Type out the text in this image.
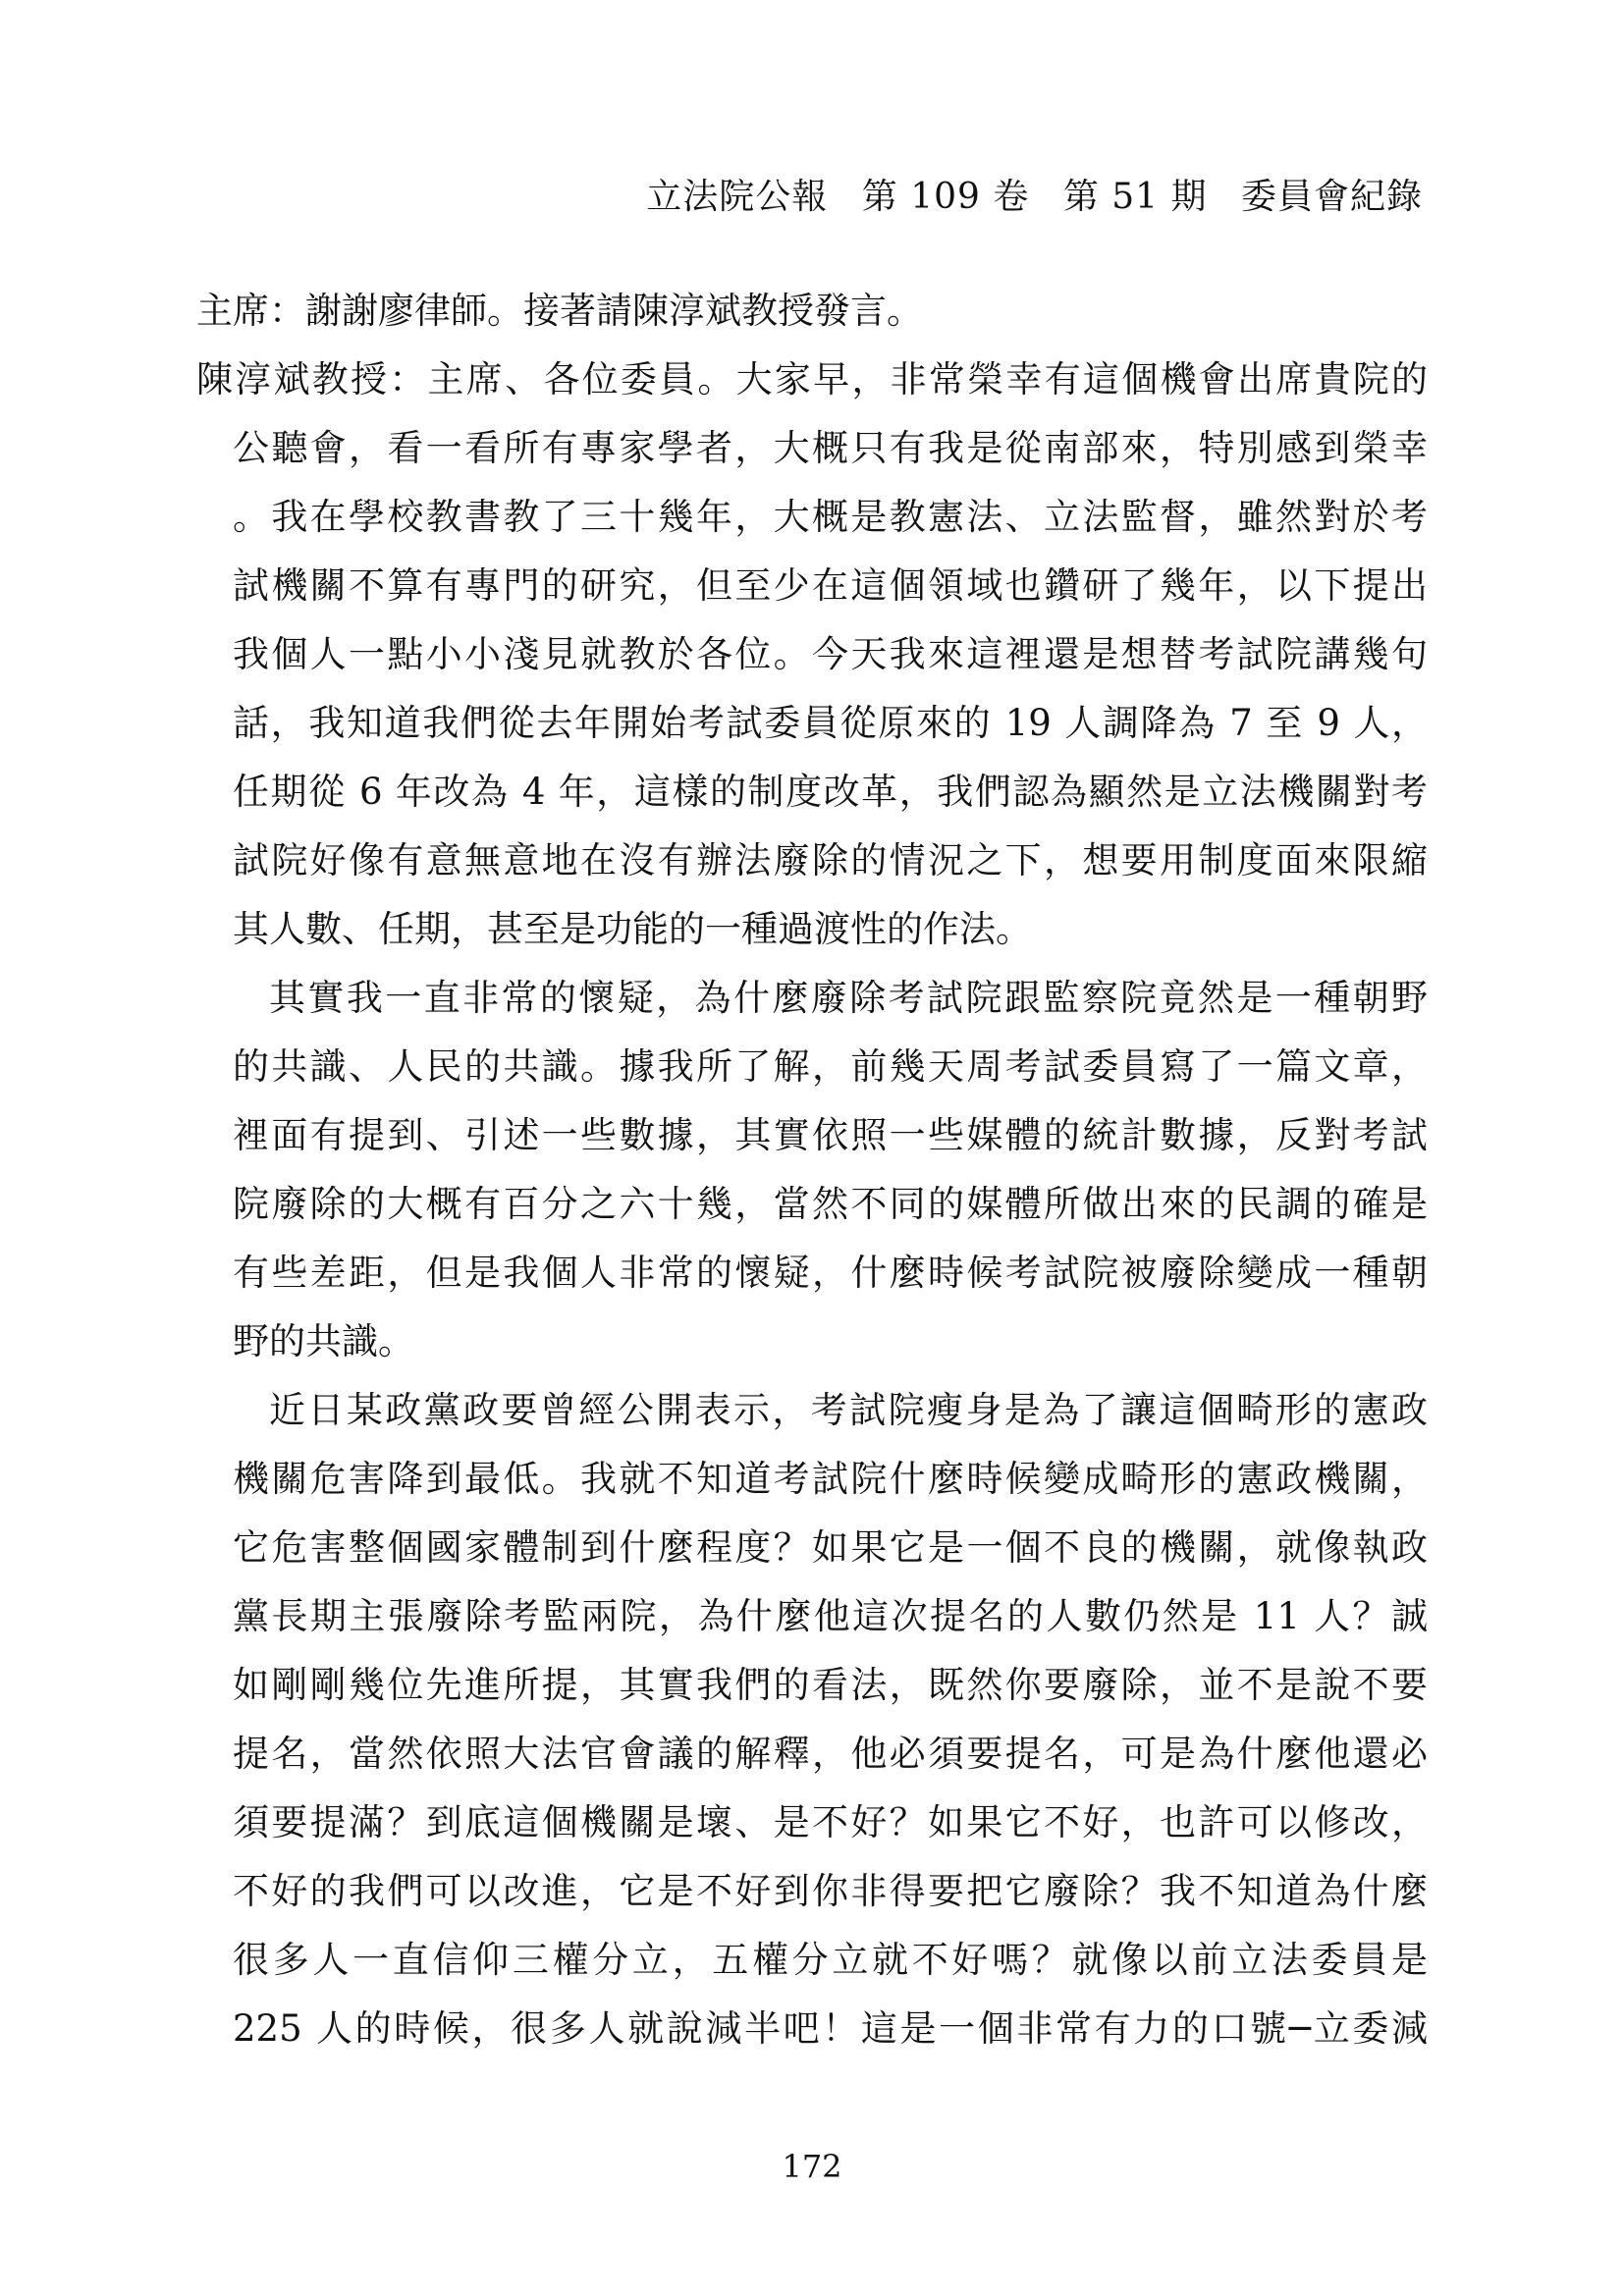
立法院公報 第 109 卷 第 51 期 委員會紀錄
主席：謝謝廖律師。接著請陳淳斌教授發言。
陳淳斌教授：主席、各位委員。大家早，非常榮幸有這個機會出席貴院的
公聽會，看一看所有專家學者，大概只有我是從南部來，特別感到榮幸
。我在學校教書教了三十幾年，大概是教憲法、立法監督，雖然對於考
試機關不算有專門的研究，但至少在這個領域也鑽研了幾年，以下提出
我個人一點小小淺見就教於各位。今天我來這裡還是想替考試院講幾句
話，我知道我們從去年開始考試委員從原來的 19 人調降為 7 至 9 人，
任期從 6 年改為 4 年，這樣的制度改革，我們認為顯然是立法機關對考
試院好像有意無意地在沒有辦法廢除的情況之下，想要用制度面來限縮
其人數、任期，甚至是功能的一種過渡性的作法。
其實我一直非常的懷疑，為什麼廢除考試院跟監察院竟然是一種朝野
的共識、人民的共識。據我所了解，前幾天周考試委員寫了一篇文章，
裡面有提到、引述一些數據，其實依照一些媒體的統計數據，反對考試
院廢除的大概有百分之六十幾，當然不同的媒體所做出來的民調的確是
有些差距，但是我個人非常的懷疑，什麼時候考試院被廢除變成一種朝
野的共識。
近日某政黨政要曾經公開表示，考試院瘦身是為了讓這個畸形的憲政
機關危害降到最低。我就不知道考試院什麼時候變成畸形的憲政機關，
它危害整個國家體制到什麼程度？如果它是一個不良的機關，就像執政
黨長期主張廢除考監兩院，為什麼他這次提名的人數仍然是 11 人？誠
如剛剛幾位先進所提，其實我們的看法，既然你要廢除，並不是說不要
提名，當然依照大法官會議的解釋，他必須要提名，可是為什麼他還必
須要提滿？到底這個機關是壞、是不好？如果它不好，也許可以修改，
不好的我們可以改進，它是不好到你非得要把它廢除？我不知道為什麼
很多人一直信仰三權分立，五權分立就不好嗎？就像以前立法委員是
225 人的時候，很多人就說減半吧！這是一個非常有力的口號─立委減
172
